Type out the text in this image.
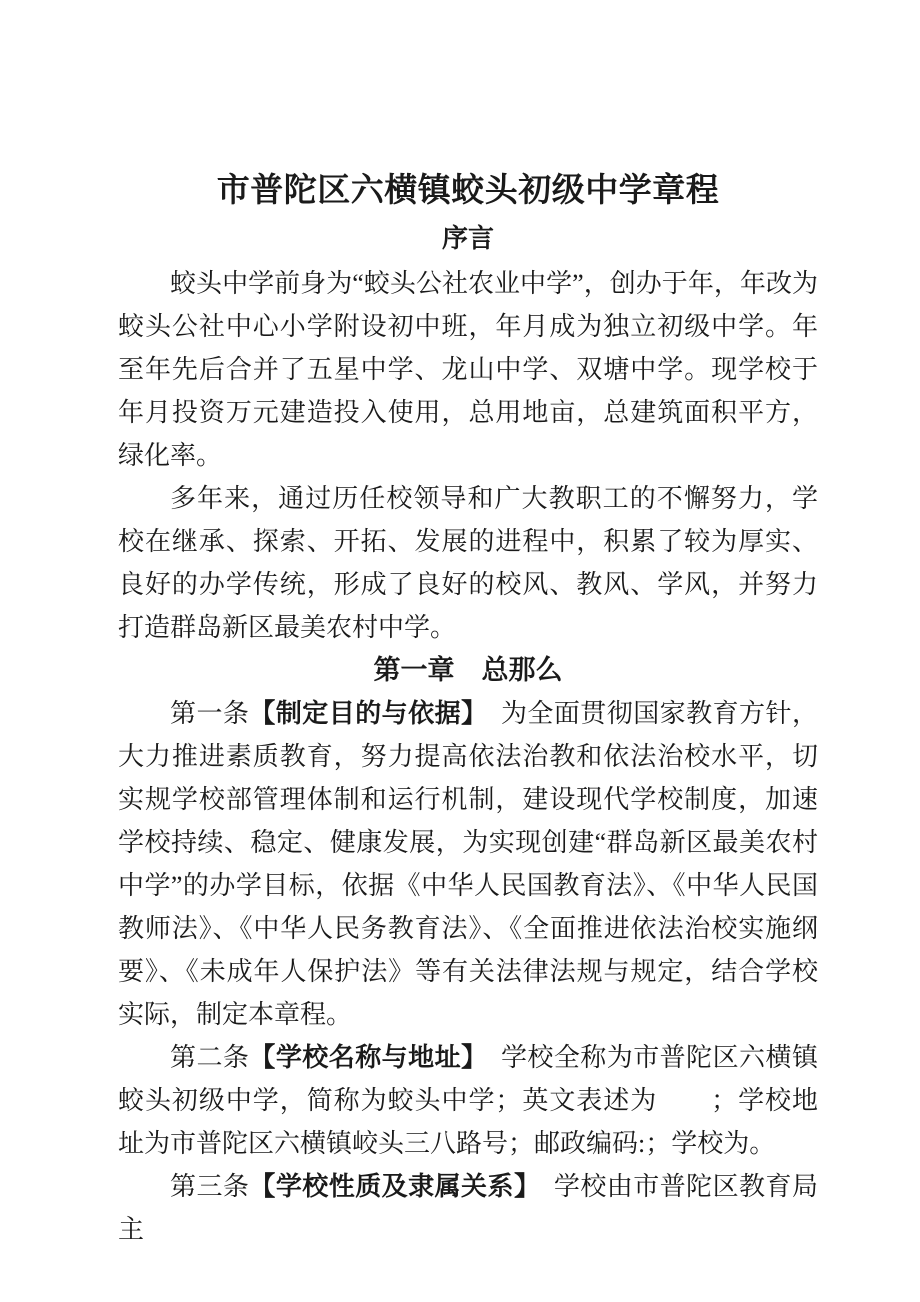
市普陀区六横镇蛟头初级中学章程
序言

蛟头中学前身为“蛟头公社农业中学”，创办于年，年改为蛟头公社中心小学附设初中班，年月成为独立初级中学。年至年先后合并了五星中学、龙山中学、双塘中学。现学校于年月投资万元建造投入使用，总用地亩，总建筑面积平方，绿化率。

多年来，通过历任校领导和广大教职工的不懈努力，学校在继承、探索、开拓、发展的进程中，积累了较为厚实、良好的办学传统，形成了良好的校风、教风、学风，并努力打造群岛新区最美农村中学。

第一章　总那么

第一条【制定目的与依据】　为全面贯彻国家教育方针，大力推进素质教育，努力提高依法治教和依法治校水平，切实规学校部管理体制和运行机制，建设现代学校制度，加速学校持续、稳定、健康发展，为实现创建“群岛新区最美农村中学”的办学目标，依据《中华人民国教育法》、《中华人民国教师法》、《中华人民务教育法》、《全面推进依法治校实施纲要》、《未成年人保护法》等有关法律法规与规定，结合学校实际，制定本章程。

第二条【学校名称与地址】　学校全称为市普陀区六横镇蛟头初级中学，简称为蛟头中学；英文表述为　　；学校地址为市普陀区六横镇峧头三八路号；邮政编码:；学校为。

第三条【学校性质及隶属关系】　学校由市普陀区教育局主
